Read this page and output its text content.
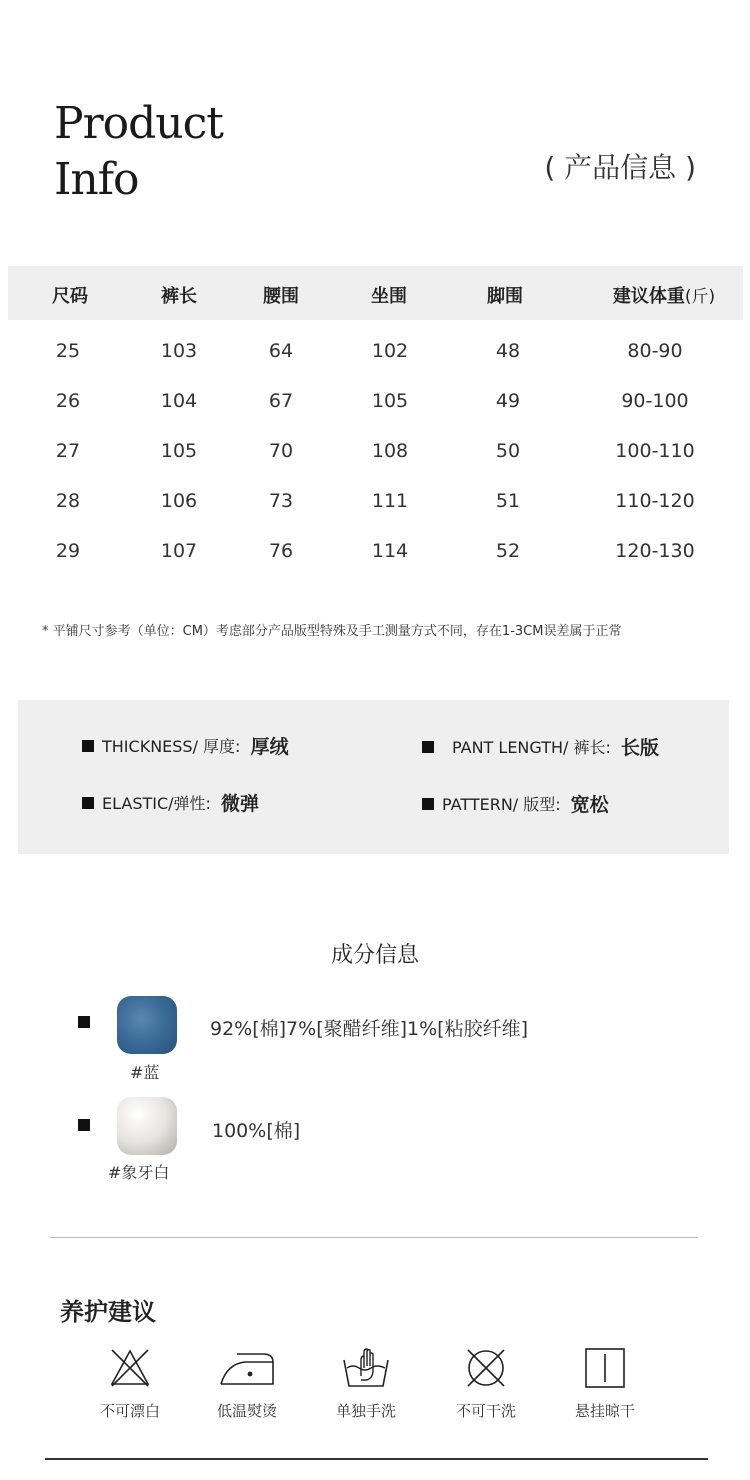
Product
Info	( 产品信息 )
尺码	裤长	腰围	坐围	脚围	建议体重(斤)
25	103	64	102	48	80-90
26	104	67	105	49	90-100
27	105	70	108	50	100-110
28	106	73	111	51	110-120
29	107	76	114	52	120-130
* 平铺尺寸参考（单位：CM）考虑部分产品版型特殊及手工测量方式不同，存在1-3CM误差属于正常
THICKNESS/ 厚度: 厚绒	PANT LENGTH/ 裤长: 长版
ELASTIC/弹性: 微弹	PATTERN/ 版型: 宽松
成分信息
#蓝
92%[棉]7%[聚醋纤维]1%[粘胶纤维]
#象牙白
100%[棉]
养护建议
不可漂白	低温熨烫	单独手洗	不可干洗	悬挂晾干
